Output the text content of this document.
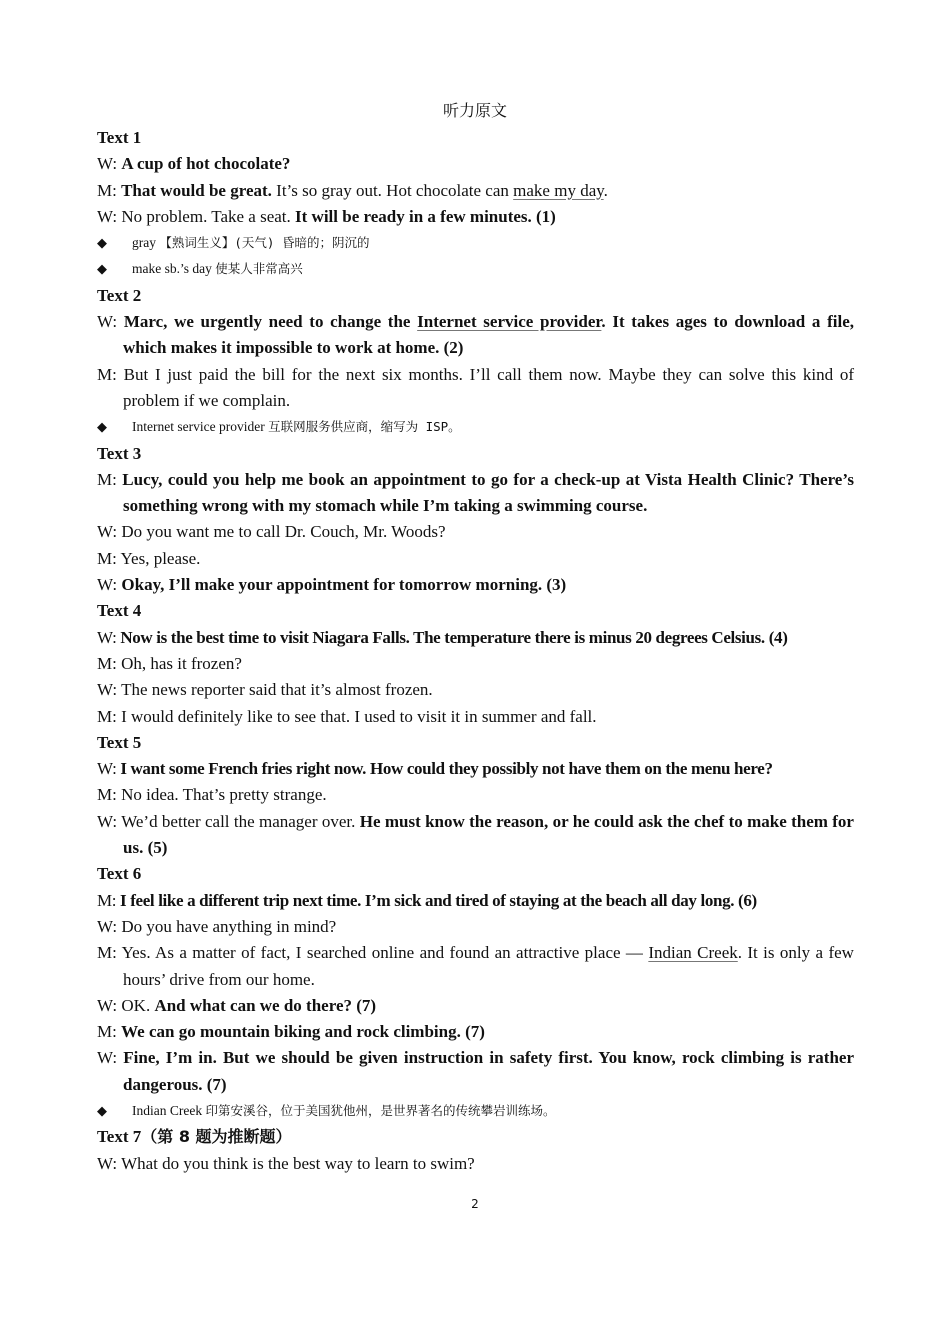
听力原文

Text 1

W: A cup of hot chocolate?

M: That would be great. It’s so gray out. Hot chocolate can make my day.

W: No problem. Take a seat. It will be ready in a few minutes. (1)

◆ gray 【熟词生义】(天气) 昏暗的；阴沉的

◆ make sb.’s day 使某人非常高兴

Text 2

W: Marc, we urgently need to change the Internet service provider. It takes ages to download a file, which makes it impossible to work at home. (2)

M: But I just paid the bill for the next six months. I’ll call them now. Maybe they can solve this kind of problem if we complain.

◆ Internet service provider 互联网服务供应商，缩写为 ISP。

Text 3

M: Lucy, could you help me book an appointment to go for a check-up at Vista Health Clinic? There’s something wrong with my stomach while I’m taking a swimming course.

W: Do you want me to call Dr. Couch, Mr. Woods?

M: Yes, please.

W: Okay, I’ll make your appointment for tomorrow morning. (3)

Text 4

W: Now is the best time to visit Niagara Falls. The temperature there is minus 20 degrees Celsius. (4)

M: Oh, has it frozen?

W: The news reporter said that it’s almost frozen.

M: I would definitely like to see that. I used to visit it in summer and fall.

Text 5

W: I want some French fries right now. How could they possibly not have them on the menu here?

M: No idea. That’s pretty strange.

W: We’d better call the manager over. He must know the reason, or he could ask the chef to make them for us. (5)

Text 6

M: I feel like a different trip next time. I’m sick and tired of staying at the beach all day long. (6)

W: Do you have anything in mind?

M: Yes. As a matter of fact, I searched online and found an attractive place — Indian Creek. It is only a few hours’ drive from our home.

W: OK. And what can we do there? (7)

M: We can go mountain biking and rock climbing. (7)

W: Fine, I’m in. But we should be given instruction in safety first. You know, rock climbing is rather dangerous. (7)

◆ Indian Creek 印第安溪谷，位于美国犹他州，是世界著名的传统攀岩训练场。

Text 7（第 8 题为推断题）

W: What do you think is the best way to learn to swim?

2
